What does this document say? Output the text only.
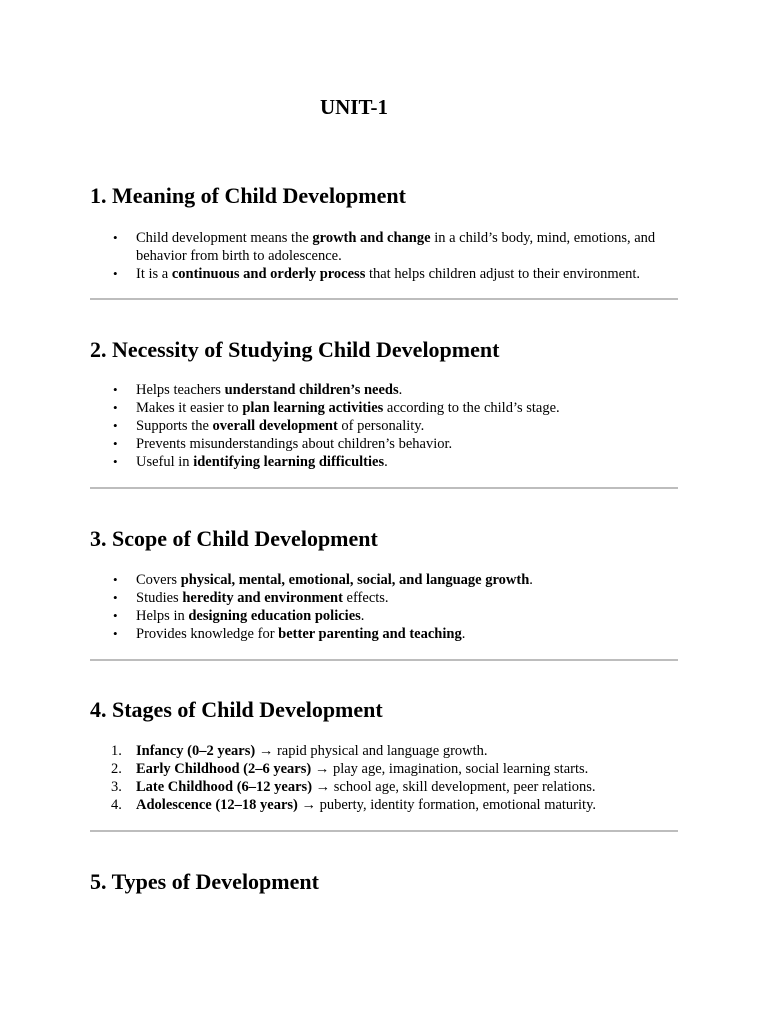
UNIT-1
1. Meaning of Child Development
• Child development means the growth and change in a child’s body, mind, emotions, and behavior from birth to adolescence.
• It is a continuous and orderly process that helps children adjust to their environment.
2. Necessity of Studying Child Development
• Helps teachers understand children’s needs.
• Makes it easier to plan learning activities according to the child’s stage.
• Supports the overall development of personality.
• Prevents misunderstandings about children’s behavior.
• Useful in identifying learning difficulties.
3. Scope of Child Development
• Covers physical, mental, emotional, social, and language growth.
• Studies heredity and environment effects.
• Helps in designing education policies.
• Provides knowledge for better parenting and teaching.
4. Stages of Child Development
1. Infancy (0–2 years) → rapid physical and language growth.
2. Early Childhood (2–6 years) → play age, imagination, social learning starts.
3. Late Childhood (6–12 years) → school age, skill development, peer relations.
4. Adolescence (12–18 years) → puberty, identity formation, emotional maturity.
5. Types of Development
